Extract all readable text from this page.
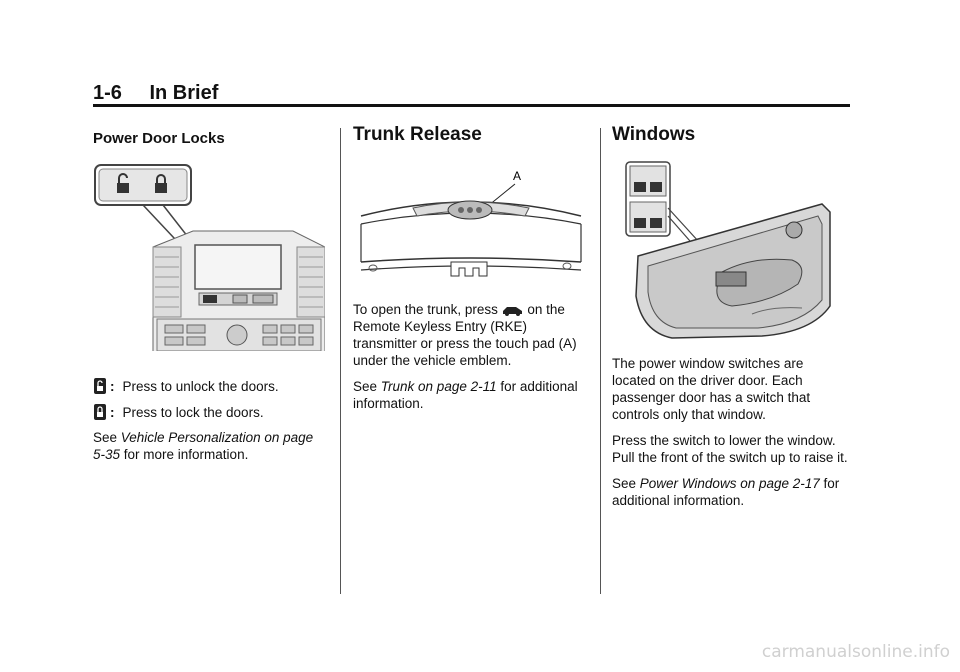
1-6 In Brief
Power Door Locks
: Press to unlock the doors.
: Press to lock the doors.

See Vehicle Personalization on page 5-35 for more information.

Trunk Release
A

To open the trunk, press  on the Remote Keyless Entry (RKE) transmitter or press the touch pad (A) under the vehicle emblem.

See Trunk on page 2-11 for additional information.

Windows

The power window switches are located on the driver door. Each passenger door has a switch that controls only that window.

Press the switch to lower the window. Pull the front of the switch up to raise it.

See Power Windows on page 2-17 for additional information.

carmanualsonline.info
